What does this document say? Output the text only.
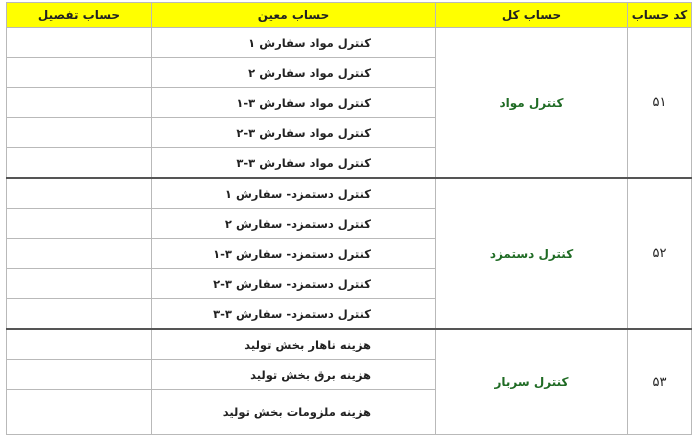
کد حساب	حساب کل	حساب معین	حساب تفصیل
۵۱	کنترل مواد	کنترل مواد سفارش ۱	
		کنترل مواد سفارش ۲	
		کنترل مواد سفارش ۳-۱	
		کنترل مواد سفارش ۳-۲	
		کنترل مواد سفارش ۳-۳	
۵۲	کنترل دستمزد	کنترل دستمزد- سفارش ۱	
		کنترل دستمزد- سفارش ۲	
		کنترل دستمزد- سفارش ۳-۱	
		کنترل دستمزد- سفارش ۳-۲	
		کنترل دستمزد- سفارش ۳-۳	
۵۳	کنترل سربار	هزینه ناهار بخش تولید	
		هزینه برق بخش تولید	
		هزینه ملزومات بخش تولید	
